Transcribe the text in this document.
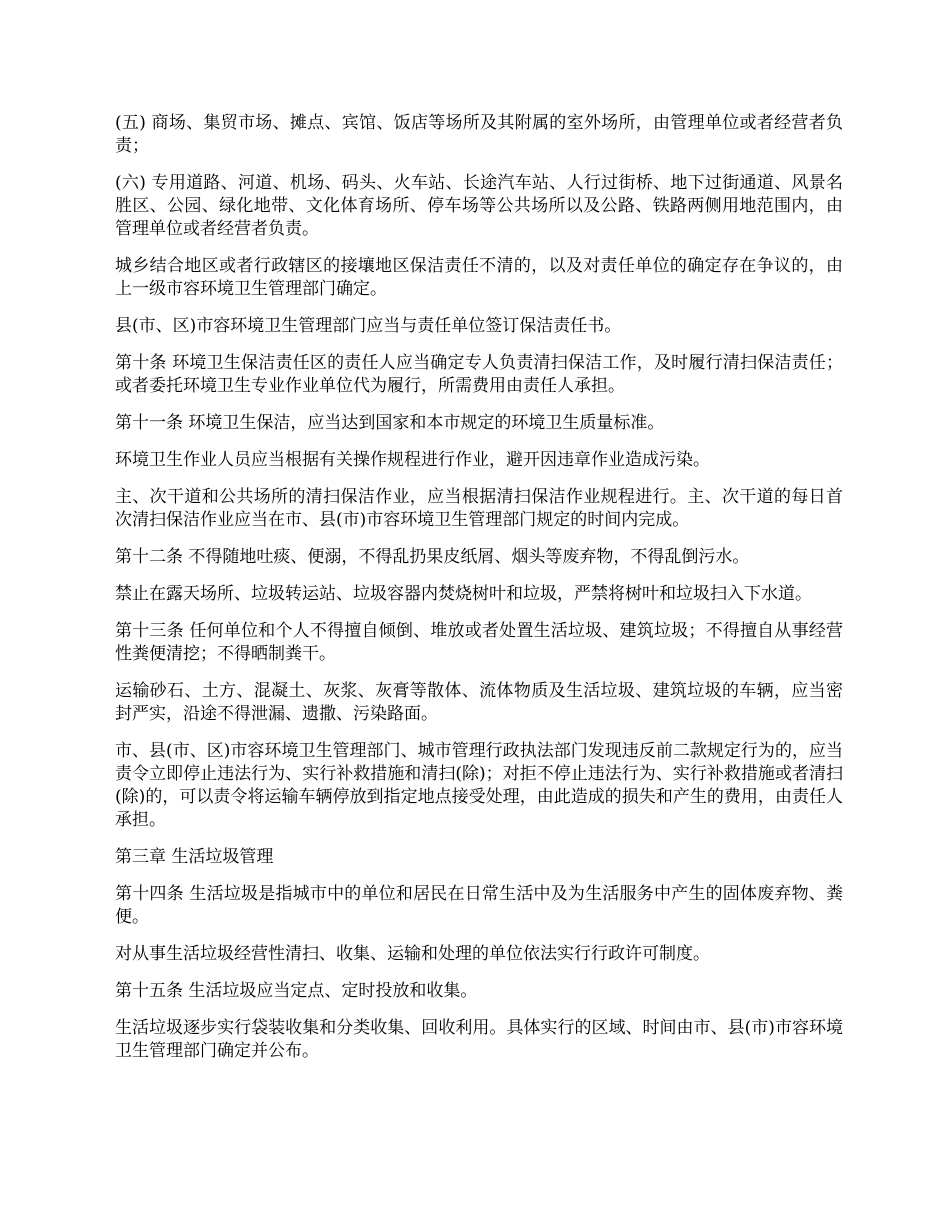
(五) 商场、集贸市场、摊点、宾馆、饭店等场所及其附属的室外场所，由管理单位或者经营者负责；

(六) 专用道路、河道、机场、码头、火车站、长途汽车站、人行过街桥、地下过街通道、风景名胜区、公园、绿化地带、文化体育场所、停车场等公共场所以及公路、铁路两侧用地范围内，由管理单位或者经营者负责。

城乡结合地区或者行政辖区的接壤地区保洁责任不清的，以及对责任单位的确定存在争议的，由上一级市容环境卫生管理部门确定。

县(市、区)市容环境卫生管理部门应当与责任单位签订保洁责任书。

第十条 环境卫生保洁责任区的责任人应当确定专人负责清扫保洁工作，及时履行清扫保洁责任；或者委托环境卫生专业作业单位代为履行，所需费用由责任人承担。

第十一条 环境卫生保洁，应当达到国家和本市规定的环境卫生质量标准。

环境卫生作业人员应当根据有关操作规程进行作业，避开因违章作业造成污染。

主、次干道和公共场所的清扫保洁作业，应当根据清扫保洁作业规程进行。主、次干道的每日首次清扫保洁作业应当在市、县(市)市容环境卫生管理部门规定的时间内完成。

第十二条 不得随地吐痰、便溺，不得乱扔果皮纸屑、烟头等废弃物，不得乱倒污水。

禁止在露天场所、垃圾转运站、垃圾容器内焚烧树叶和垃圾，严禁将树叶和垃圾扫入下水道。

第十三条 任何单位和个人不得擅自倾倒、堆放或者处置生活垃圾、建筑垃圾；不得擅自从事经营性粪便清挖；不得晒制粪干。

运输砂石、土方、混凝土、灰浆、灰膏等散体、流体物质及生活垃圾、建筑垃圾的车辆，应当密封严实，沿途不得泄漏、遗撒、污染路面。

市、县(市、区)市容环境卫生管理部门、城市管理行政执法部门发现违反前二款规定行为的，应当责令立即停止违法行为、实行补救措施和清扫(除)；对拒不停止违法行为、实行补救措施或者清扫(除)的，可以责令将运输车辆停放到指定地点接受处理，由此造成的损失和产生的费用，由责任人承担。

第三章 生活垃圾管理

第十四条 生活垃圾是指城市中的单位和居民在日常生活中及为生活服务中产生的固体废弃物、粪便。

对从事生活垃圾经营性清扫、收集、运输和处理的单位依法实行行政许可制度。

第十五条 生活垃圾应当定点、定时投放和收集。

生活垃圾逐步实行袋装收集和分类收集、回收利用。具体实行的区域、时间由市、县(市)市容环境卫生管理部门确定并公布。
